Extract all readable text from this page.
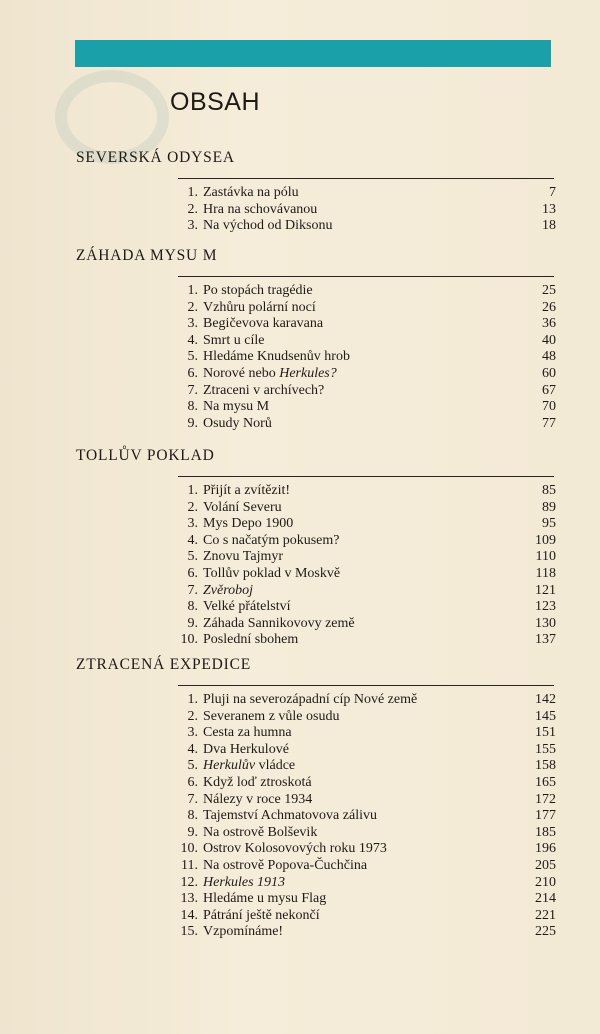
OBSAH
SEVERSKÁ ODYSEA
1. Zastávka na pólu	7
2. Hra na schovávanou	13
3. Na východ od Diksonu	18
ZÁHADA MYSU M
1. Po stopách tragédie	25
2. Vzhůru polární nocí	26
3. Begičevova karavana	36
4. Smrt u cíle	40
5. Hledáme Knudsenův hrob	48
6. Norové nebo Herkules?	60
7. Ztraceni v archívech?	67
8. Na mysu M	70
9. Osudy Norů	77
TOLLŮV POKLAD
1. Přijít a zvítězit!	85
2. Volání Severu	89
3. Mys Depo 1900	95
4. Co s načatým pokusem?	109
5. Znovu Tajmyr	110
6. Tollův poklad v Moskvě	118
7. Zvěroboj	121
8. Velké přátelství	123
9. Záhada Sannikovovy země	130
10. Poslední sbohem	137
ZTRACENÁ EXPEDICE
1. Pluji na severozápadní cíp Nové země	142
2. Severanem z vůle osudu	145
3. Cesta za humna	151
4. Dva Herkulové	155
5. Herkulův vládce	158
6. Když loď ztroskotá	165
7. Nálezy v roce 1934	172
8. Tajemství Achmatovova zálivu	177
9. Na ostrově Bolševik	185
10. Ostrov Kolosovových roku 1973	196
11. Na ostrově Popova-Čuchčina	205
12. Herkules 1913	210
13. Hledáme u mysu Flag	214
14. Pátrání ještě nekončí	221
15. Vzpomínáme!	225
